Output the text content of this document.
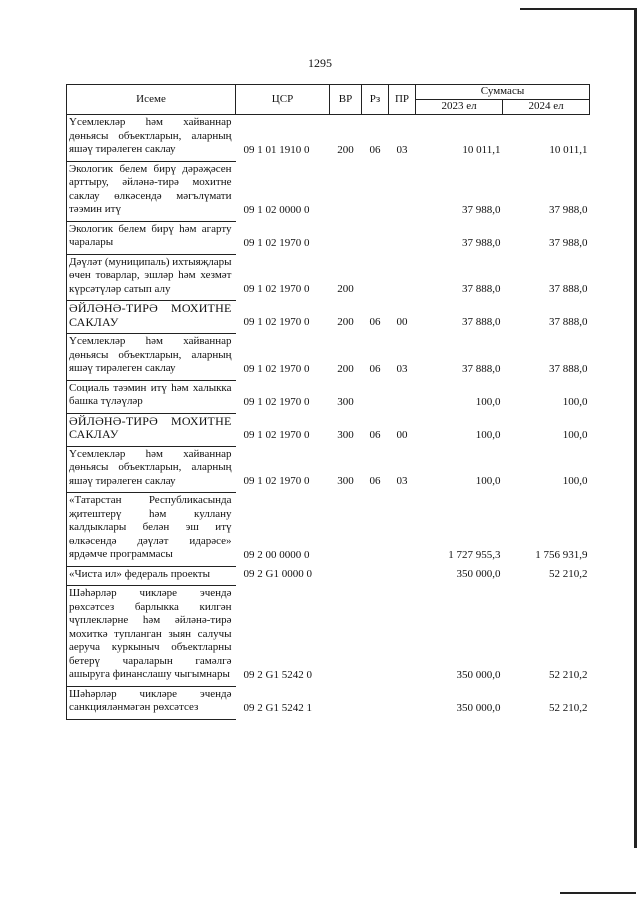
1295
Исеме	ЦСР	ВР	Рз	ПР	Суммасы	
					2023 ел	2024 ел
Үсемлекләр һәм хайваннар дөньясы объектларын, аларның яшәү тирәлеген саклау	09 1 01 1910 0	200	06	03	10 011,1	10 011,1
Экологик белем бирү дәрәҗәсен арттыру, әйләнә-тирә мохитне саклау өлкәсендә мәгълүмати тәэмин итү	09 1 02 0000 0				37 988,0	37 988,0
Экологик белем бирү һәм агарту чаралары	09 1 02 1970 0				37 988,0	37 988,0
Дәүләт (муниципаль) ихтыяҗлары өчен товарлар, эшләр һәм хезмәт күрсәтүләр сатып алу	09 1 02 1970 0	200			37 888,0	37 888,0
ӘЙЛӘНӘ-ТИРӘ МОХИТНЕ САКЛАУ	09 1 02 1970 0	200	06	00	37 888,0	37 888,0
Үсемлекләр һәм хайваннар дөньясы объектларын, аларның яшәү тирәлеген саклау	09 1 02 1970 0	200	06	03	37 888,0	37 888,0
Социаль тәэмин итү һәм халыкка башка түләүләр	09 1 02 1970 0	300			100,0	100,0
ӘЙЛӘНӘ-ТИРӘ МОХИТНЕ САКЛАУ	09 1 02 1970 0	300	06	00	100,0	100,0
Үсемлекләр һәм хайваннар дөньясы объектларын, аларның яшәү тирәлеген саклау	09 1 02 1970 0	300	06	03	100,0	100,0
«Татарстан Республикасында җитештерү һәм куллану калдыклары белән эш итү өлкәсендә дәүләт идарәсе» ярдәмче программасы	09 2 00 0000 0				1 727 955,3	1 756 931,9
«Чиста ил» федераль проекты	09 2 G1 0000 0				350 000,0	52 210,2
Шәһәрләр чикләре эчендә рөхсәтсез барлыкка килгән чүплекләрне һәм әйләнә-тирә мохиткә тупланган зыян салучы аеруча куркыныч объектларны бетерү чараларын гамәлгә ашыруга финанслашу чыгымнары	09 2 G1 5242 0				350 000,0	52 210,2

Шәһәрләр чикләре эчендә санкцияләнмәгән рөхсәтсез	09 2 G1 5242 1				350 000,0	52 210,2
